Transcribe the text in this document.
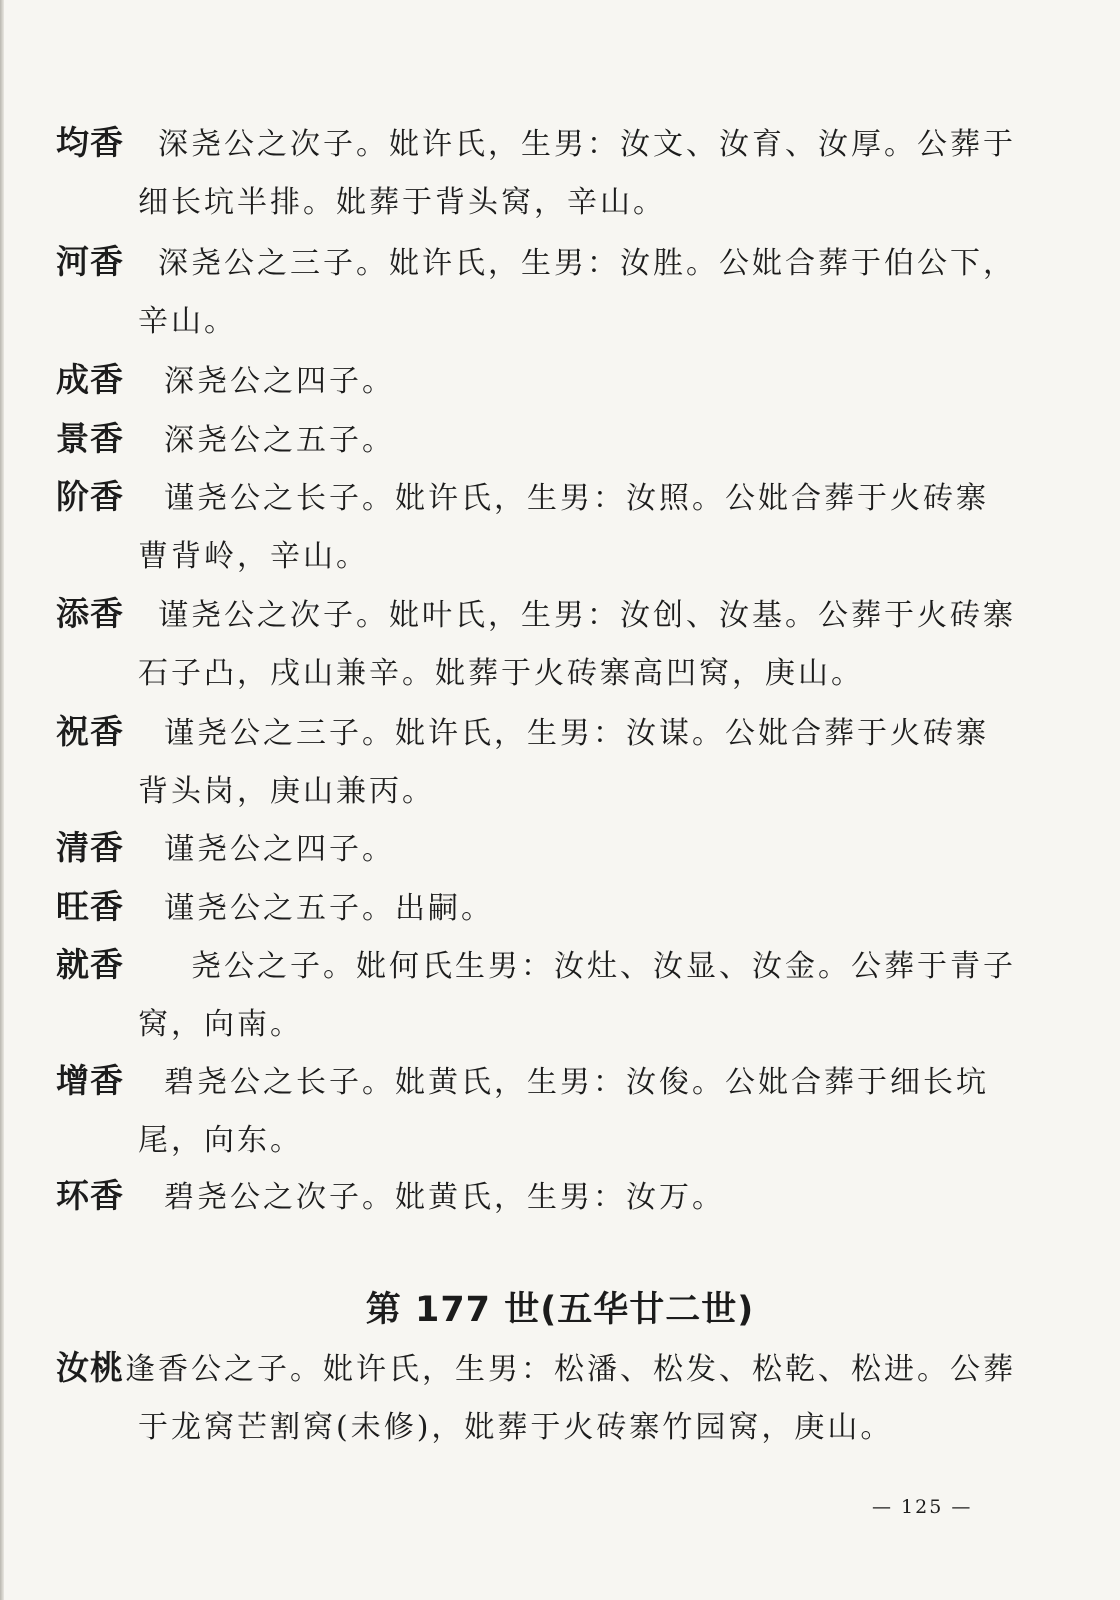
均香	深尧公之次子。妣许氏，生男：汝文、汝育、汝厚。公葬于
细长坑半排。妣葬于背头窝，辛山。
河香	深尧公之三子。妣许氏，生男：汝胜。公妣合葬于伯公下，
辛山。
成香	深尧公之四子。
景香	深尧公之五子。
阶香	谨尧公之长子。妣许氏，生男：汝照。公妣合葬于火砖寨
曹背岭，辛山。
添香	谨尧公之次子。妣叶氏，生男：汝创、汝基。公葬于火砖寨
石子凸，戌山兼辛。妣葬于火砖寨高凹窝，庚山。
祝香	谨尧公之三子。妣许氏，生男：汝谋。公妣合葬于火砖寨
背头岗，庚山兼丙。
清香	谨尧公之四子。
旺香	谨尧公之五子。出嗣。
就香	　尧公之子。妣何氏生男：汝灶、汝显、汝金。公葬于青子
窝，向南。
增香	碧尧公之长子。妣黄氏，生男：汝俊。公妣合葬于细长坑
尾，向东。
环香	碧尧公之次子。妣黄氏，生男：汝万。
第 177 世(五华廿二世)
汝桃 逢香公之子。妣许氏，生男：松潘、松发、松乾、松进。公葬
于龙窝芒割窝(未修)，妣葬于火砖寨竹园窝，庚山。
— 125 —
